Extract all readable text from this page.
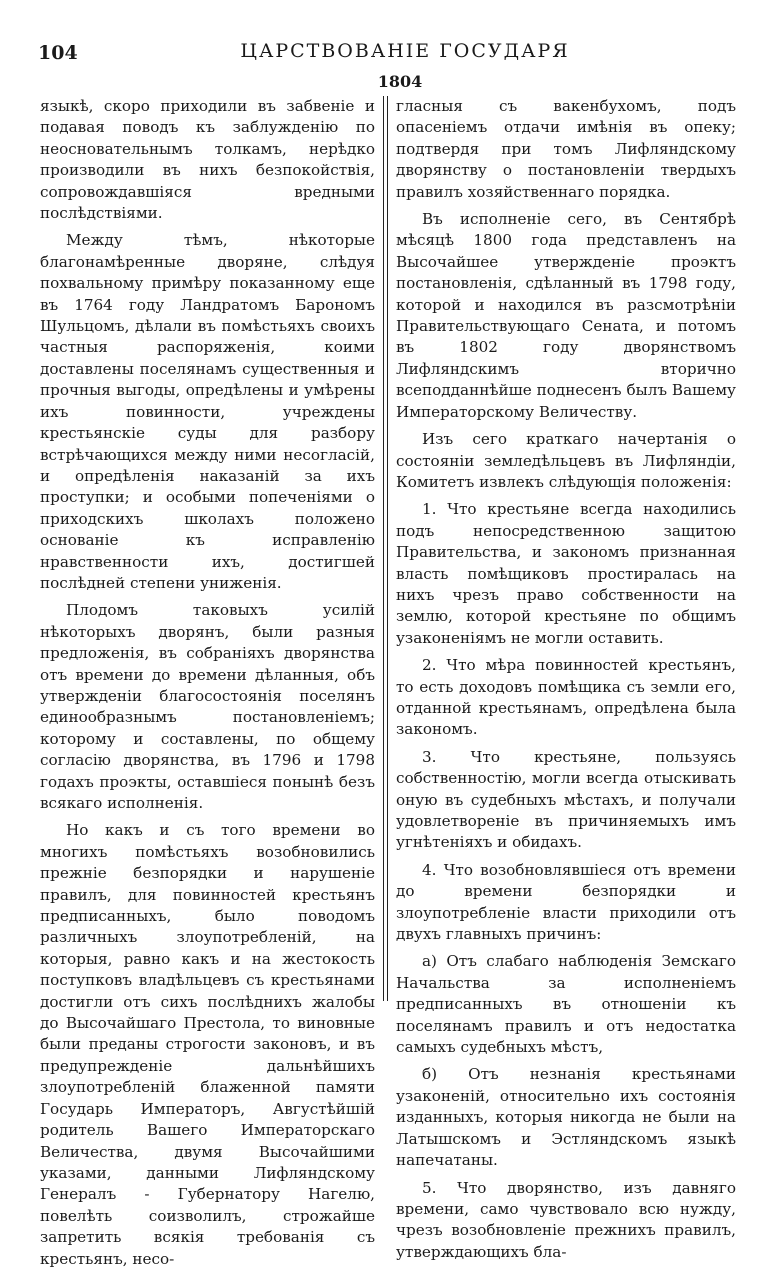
104	ЦАРСТВОВАНIЕ ГОСУДАРЯ
1804

языкѣ, скоро приходили въ забвенiе и подавая поводъ къ заблужденiю по неосновательнымъ толкамъ, нерѣдко производили въ нихъ безпокойствiя, сопровождавшiяся вредными послѣдствiями.

Между тѣмъ, нѣкоторые благонамѣренные дворяне, слѣдуя похвальному примѣру показанному еще въ 1764 году Ландратомъ Барономъ Шульцомъ, дѣлали въ помѣстьяхъ своихъ частныя распоряженiя, коими доставлены поселянамъ существенныя и прочныя выгоды, опредѣлены и умѣрены ихъ повинности, учреждены крестьянскiе суды для разбору встрѣчающихся между ними несогласiй, и опредѣленiя наказанiй за ихъ проступки; и особыми попеченiями о приходскихъ школахъ положено основанiе къ исправленiю нравственности ихъ, достигшей послѣдней степени униженiя.

Плодомъ таковыхъ усилiй нѣкоторыхъ дворянъ, были разныя предложенiя, въ собранiяхъ дворянства отъ времени до времени дѣланныя, объ утвержденiи благосостоянiя поселянъ единообразнымъ постановленiемъ; которому и составлены, по общему согласiю дворянства, въ 1796 и 1798 годахъ проэкты, оставшiеся понынѣ безъ всякаго исполненiя.

Но какъ и съ того времени во многихъ помѣстьяхъ возобновились прежнiе безпорядки и нарушенiе правилъ, для повинностей крестьянъ предписанныхъ, было поводомъ различныхъ злоупотребленiй, на которыя, равно какъ и на жестокость поступковъ владѣльцевъ съ крестьянами достигли отъ сихъ послѣднихъ жалобы до Высочайшаго Престола, то виновные были преданы строгости законовъ, и въ предупрежденiе дальнѣйшихъ злоупотребленiй блаженной памяти Государь Императоръ, Августѣйшiй родитель Вашего Императорскаго Величества, двумя Высочайшими указами, данными Лифляндскому Генералъ - Губернатору Нагелю, повелѣть соизволилъ, строжайше запретить всякiя требованiя съ крестьянъ, несо-

гласныя съ вакенбухомъ, подъ опасенiемъ отдачи имѣнiя въ опеку; подтвердя при томъ Лифляндскому дворянству о постановленiи твердыхъ правилъ хозяйственнаго порядка.

Въ исполненiе сего, въ Сентябрѣ мѣсяцѣ 1800 года представленъ на Высочайшее утвержденiе проэктъ постановленiя, сдѣланный въ 1798 году, которой и находился въ разсмотрѣнiи Правительствующаго Сената, и потомъ въ 1802 году дворянствомъ Лифляндскимъ вторично всеподданнѣйше поднесенъ былъ Вашему Императорскому Величеству.

Изъ сего краткаго начертанiя о состоянiи земледѣльцевъ въ Лифляндiи, Комитетъ извлекъ слѣдующiя положенiя:

1. Что крестьяне всегда находились подъ непосредственною защитою Правительства, и закономъ признанная власть помѣщиковъ простиралась на нихъ чрезъ право собственности на землю, которой крестьяне по общимъ узаконенiямъ не могли оставить.

2. Что мѣра повинностей крестьянъ, то есть доходовъ помѣщика съ земли его, отданной крестьянамъ, опредѣлена была закономъ.

3. Что крестьяне, пользуясь собственностiю, могли всегда отыскивать оную въ судебныхъ мѣстахъ, и получали удовлетворенiе въ причиняемыхъ имъ угнѣтенiяхъ и обидахъ.

4. Что возобновлявшiеся отъ времени до времени безпорядки и злоупотребленiе власти приходили отъ двухъ главныхъ причинъ:

а) Отъ слабаго наблюденiя Земскаго Начальства за исполненiемъ предписанныхъ въ отношенiи къ поселянамъ правилъ и отъ недостатка самыхъ судебныхъ мѣстъ,

б) Отъ незнанiя крестьянами узаконенiй, относительно ихъ состоянiя изданныхъ, которыя никогда не были на Латышскомъ и Эстляндскомъ языкѣ напечатаны.

5. Что дворянство, изъ давняго времени, само чувствовало всю нужду, чрезъ возобновленiе прежнихъ правилъ, утверждающихъ бла-
